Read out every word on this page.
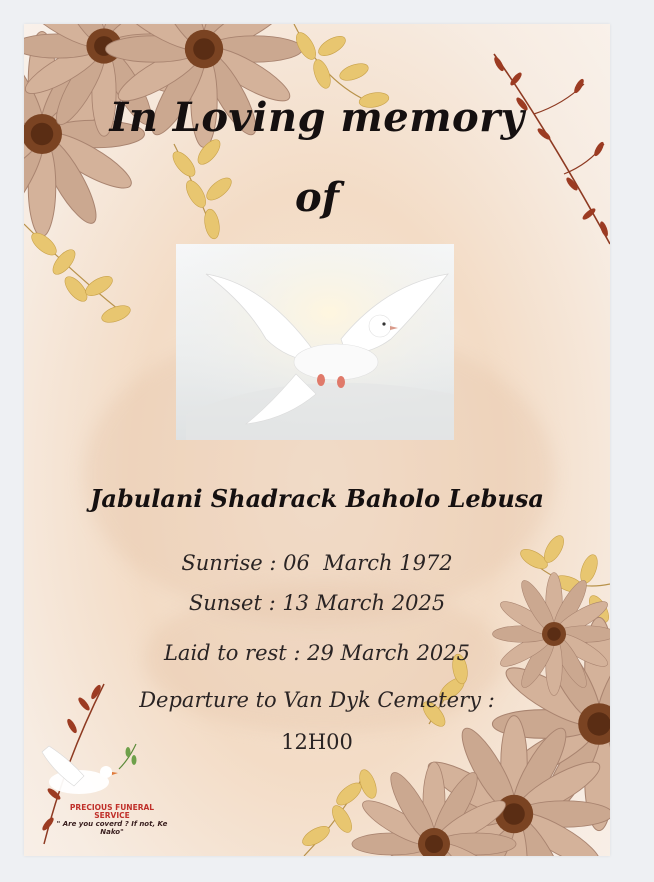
In Loving memory
of
Jabulani Shadrack Baholo Lebusa
Sunrise : 06  March 1972
Sunset : 13 March 2025
Laid to rest : 29 March 2025
Departure to Van Dyk Cemetery :
12H00
PRECIOUS FUNERAL SERVICE
" Are you coverd ? If not, Ke Nako"
